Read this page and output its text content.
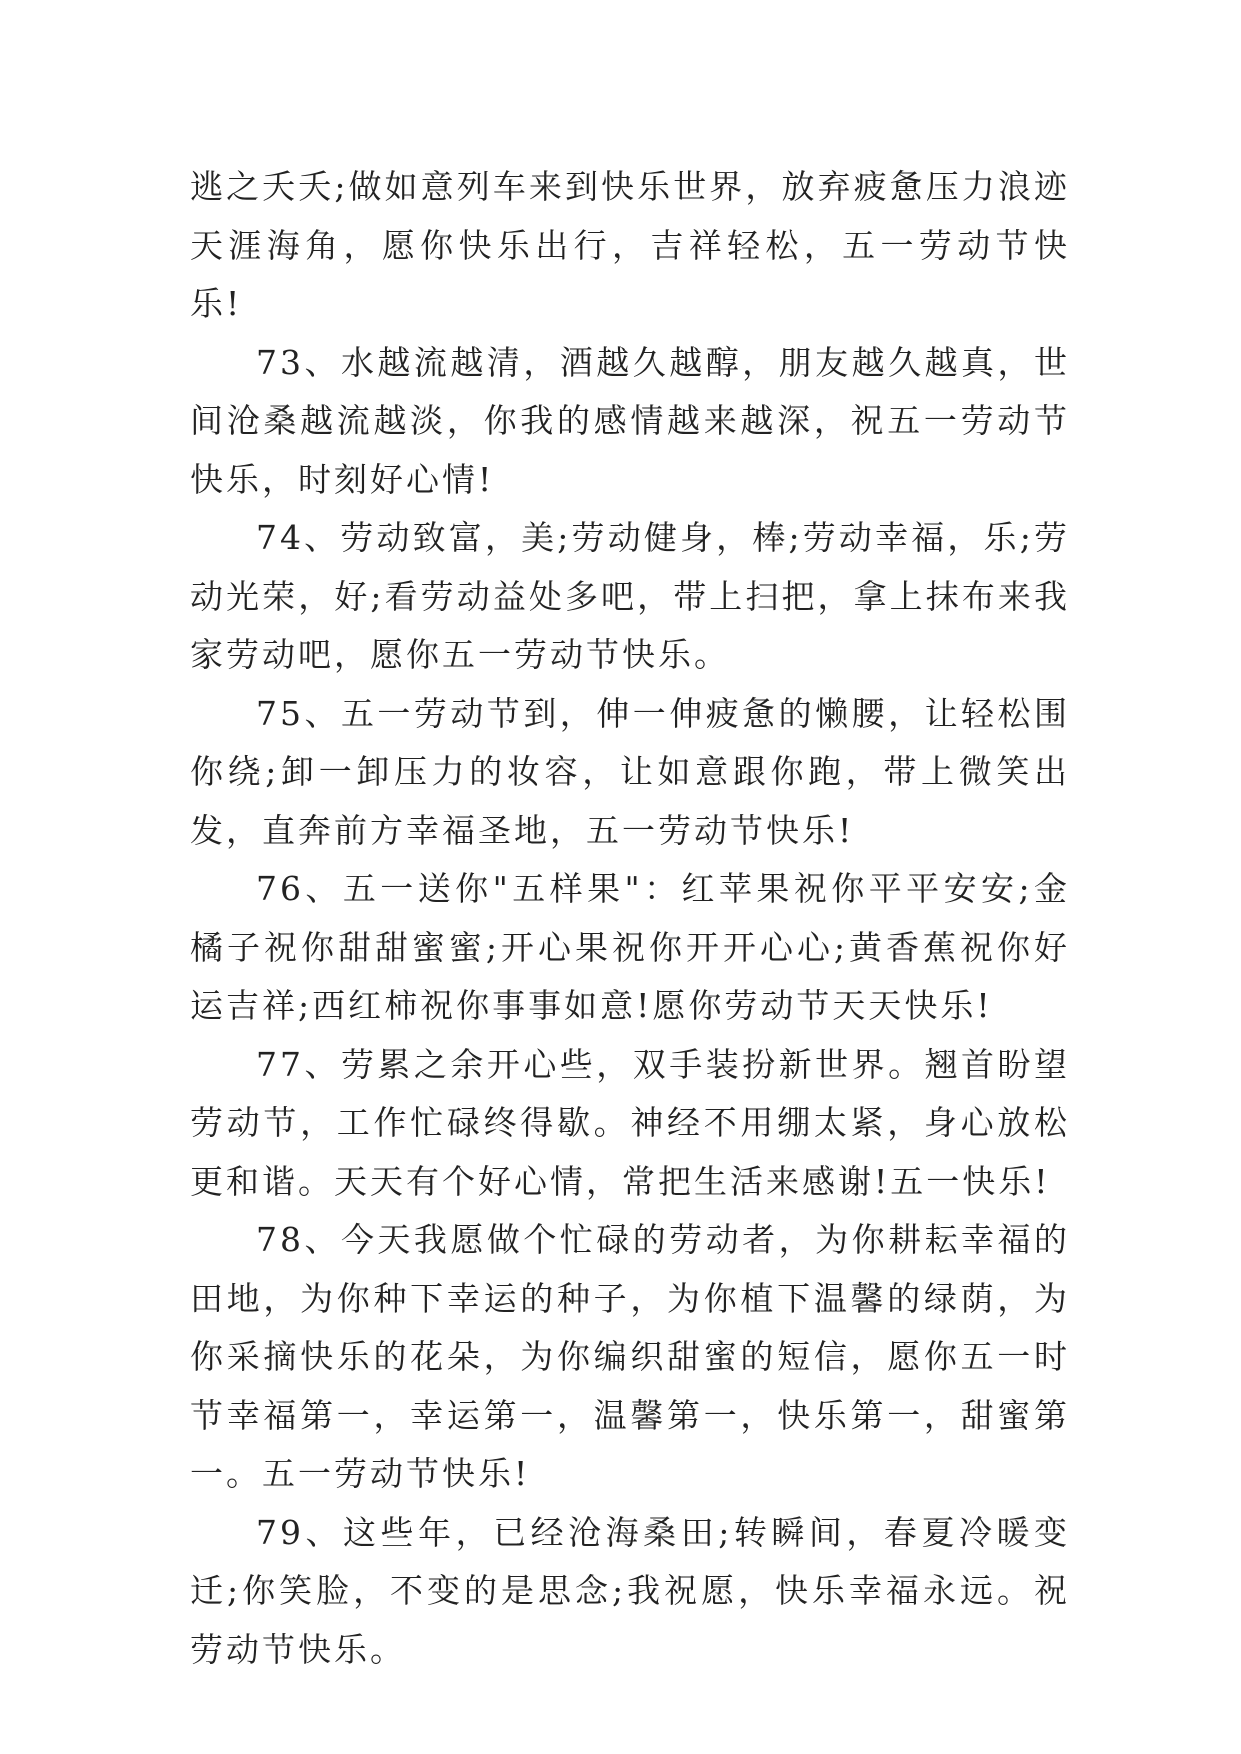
逃之夭夭;做如意列车来到快乐世界，放弃疲惫压力浪迹天涯海角，愿你快乐出行，吉祥轻松，五一劳动节快乐!

73、水越流越清，酒越久越醇，朋友越久越真，世间沧桑越流越淡，你我的感情越来越深，祝五一劳动节快乐，时刻好心情!

74、劳动致富，美;劳动健身，棒;劳动幸福，乐;劳动光荣，好;看劳动益处多吧，带上扫把，拿上抹布来我家劳动吧，愿你五一劳动节快乐。

75、五一劳动节到，伸一伸疲惫的懒腰，让轻松围你绕;卸一卸压力的妆容，让如意跟你跑，带上微笑出发，直奔前方幸福圣地，五一劳动节快乐!

76、五一送你"五样果"：红苹果祝你平平安安;金橘子祝你甜甜蜜蜜;开心果祝你开开心心;黄香蕉祝你好运吉祥;西红柿祝你事事如意!愿你劳动节天天快乐!

77、劳累之余开心些，双手装扮新世界。翘首盼望劳动节，工作忙碌终得歇。神经不用绷太紧，身心放松更和谐。天天有个好心情，常把生活来感谢!五一快乐!

78、今天我愿做个忙碌的劳动者，为你耕耘幸福的田地，为你种下幸运的种子，为你植下温馨的绿荫，为你采摘快乐的花朵，为你编织甜蜜的短信，愿你五一时节幸福第一，幸运第一，温馨第一，快乐第一，甜蜜第一。五一劳动节快乐!

79、这些年，已经沧海桑田;转瞬间，春夏冷暖变迁;你笑脸，不变的是思念;我祝愿，快乐幸福永远。祝劳动节快乐。
